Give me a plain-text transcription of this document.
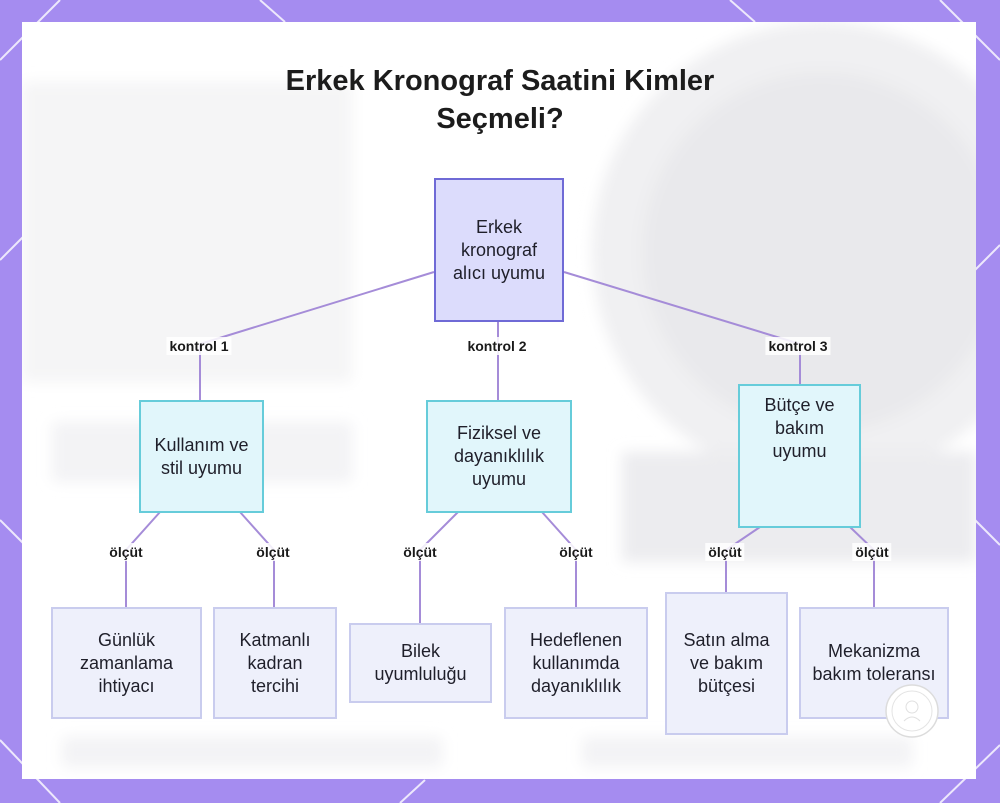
Erkek Kronograf Saatini Kimler
Seçmeli?
Erkek kronograf alıcı uyumu
kontrol 1	kontrol 2	kontrol 3
Kullanım ve stil uyumu
Fiziksel ve dayanıklılık uyumu
Bütçe ve bakım uyumu
ölçüt	ölçüt	ölçüt	ölçüt	ölçüt	ölçüt
Günlük zamanlama ihtiyacı
Katmanlı kadran tercihi
Bilek uyumluluğu
Hedeflenen kullanımda dayanıklılık
Satın alma ve bakım bütçesi
Mekanizma bakım toleransı
